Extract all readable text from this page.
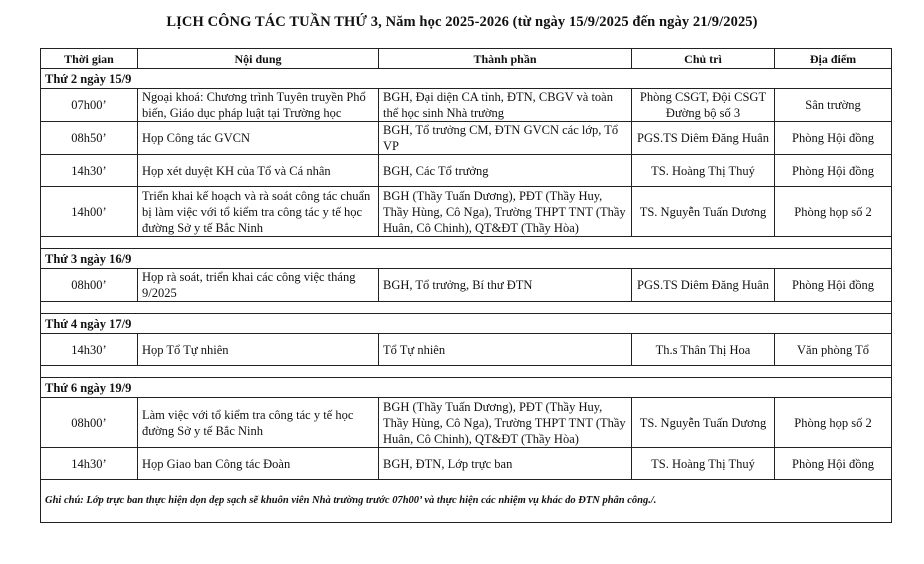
LỊCH CÔNG TÁC TUẦN THỨ 3, Năm học 2025-2026 (từ ngày 15/9/2025 đến ngày 21/9/2025)
Thời gian	Nội dung	Thành phần	Chủ trì	Địa điểm
Thứ 2 ngày 15/9				
07h00’	Ngoại khoá: Chương trình Tuyên truyền Phổ biến, Giáo dục pháp luật tại Trường học	BGH, Đại diện CA tỉnh, ĐTN, CBGV và toàn thể học sinh Nhà trường	Phòng CSGT, Đội CSGT Đường bộ số 3	Sân trường
08h50’	Họp Công tác GVCN	BGH, Tổ trưởng CM, ĐTN GVCN các lớp, Tổ VP	PGS.TS Diêm Đăng Huân	Phòng Hội đồng
14h30’	Họp xét duyệt KH của Tổ và Cá nhân	BGH, Các Tổ trưởng	TS. Hoàng Thị Thuý	Phòng Hội đồng
14h00’	Triển khai kế hoạch và rà soát công tác chuẩn bị làm việc với tổ kiểm tra công tác y tế học đường Sở y tế Bắc Ninh	BGH (Thầy Tuấn Dương), PĐT (Thầy Huy, Thầy Hùng, Cô Nga), Trường THPT TNT (Thầy Huân, Cô Chinh), QT&ĐT (Thầy Hòa)	TS. Nguyễn Tuấn Dương	Phòng họp số 2

Thứ 3 ngày 16/9				
08h00’	Họp rà soát, triển khai các công việc tháng 9/2025	BGH, Tổ trưởng, Bí thư ĐTN	PGS.TS Diêm Đăng Huân	Phòng Hội đồng

Thứ 4 ngày 17/9				
14h30’	Họp Tổ Tự nhiên	Tổ Tự nhiên	Th.s Thân Thị Hoa	Văn phòng Tổ

Thứ 6 ngày 19/9				
08h00’	Làm việc với tổ kiểm tra công tác y tế học đường Sở y tế Bắc Ninh	BGH (Thầy Tuấn Dương), PĐT (Thầy Huy, Thầy Hùng, Cô Nga), Trường THPT TNT (Thầy Huân, Cô Chinh), QT&ĐT (Thầy Hòa)	TS. Nguyễn Tuấn Dương	Phòng họp số 2
14h30’	Họp Giao ban Công tác Đoàn	BGH, ĐTN, Lớp trực ban	TS. Hoàng Thị Thuý	Phòng Hội đồng
Ghi chú: Lớp trực ban thực hiện dọn dẹp sạch sẽ khuôn viên Nhà trường trước 07h00’ và thực hiện các nhiệm vụ khác do ĐTN phân công./.				
